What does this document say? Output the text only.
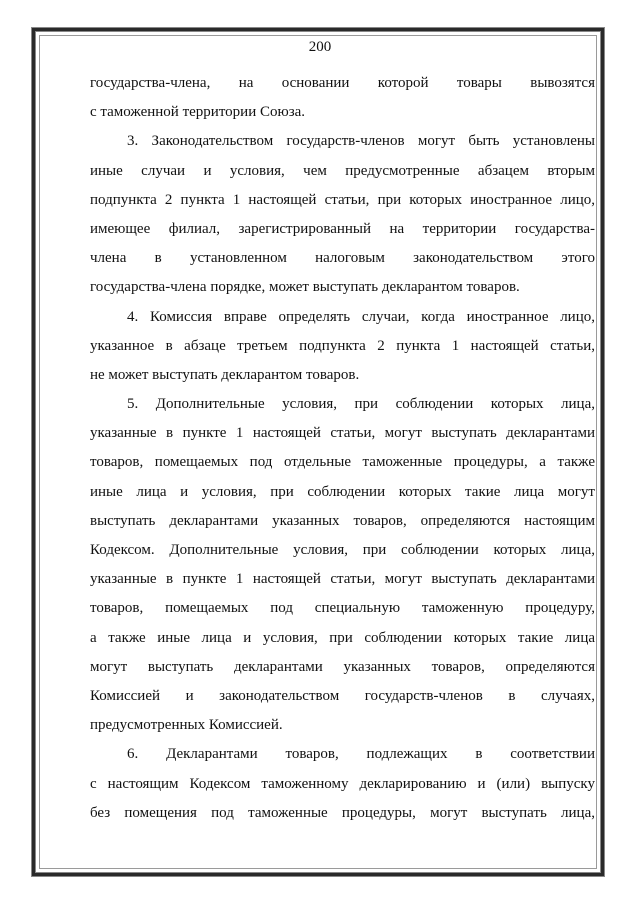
200
государства-члена, на основании которой товары вывозятся
с таможенной территории Союза.
3. Законодательством государств-членов могут быть установлены
иные случаи и условия, чем предусмотренные абзацем вторым
подпункта 2 пункта 1 настоящей статьи, при которых иностранное лицо,
имеющее филиал, зарегистрированный на территории государства-
члена в установленном налоговым законодательством этого
государства-члена порядке, может выступать декларантом товаров.
4. Комиссия вправе определять случаи, когда иностранное лицо,
указанное в абзаце третьем подпункта 2 пункта 1 настоящей статьи,
не может выступать декларантом товаров.
5. Дополнительные условия, при соблюдении которых лица,
указанные в пункте 1 настоящей статьи, могут выступать декларантами
товаров, помещаемых под отдельные таможенные процедуры, а также
иные лица и условия, при соблюдении которых такие лица могут
выступать декларантами указанных товаров, определяются настоящим
Кодексом. Дополнительные условия, при соблюдении которых лица,
указанные в пункте 1 настоящей статьи, могут выступать декларантами
товаров, помещаемых под специальную таможенную процедуру,
а также иные лица и условия, при соблюдении которых такие лица
могут выступать декларантами указанных товаров, определяются
Комиссией и законодательством государств-членов в случаях,
предусмотренных Комиссией.
6. Декларантами товаров, подлежащих в соответствии
с настоящим Кодексом таможенному декларированию и (или) выпуску
без помещения под таможенные процедуры, могут выступать лица,
